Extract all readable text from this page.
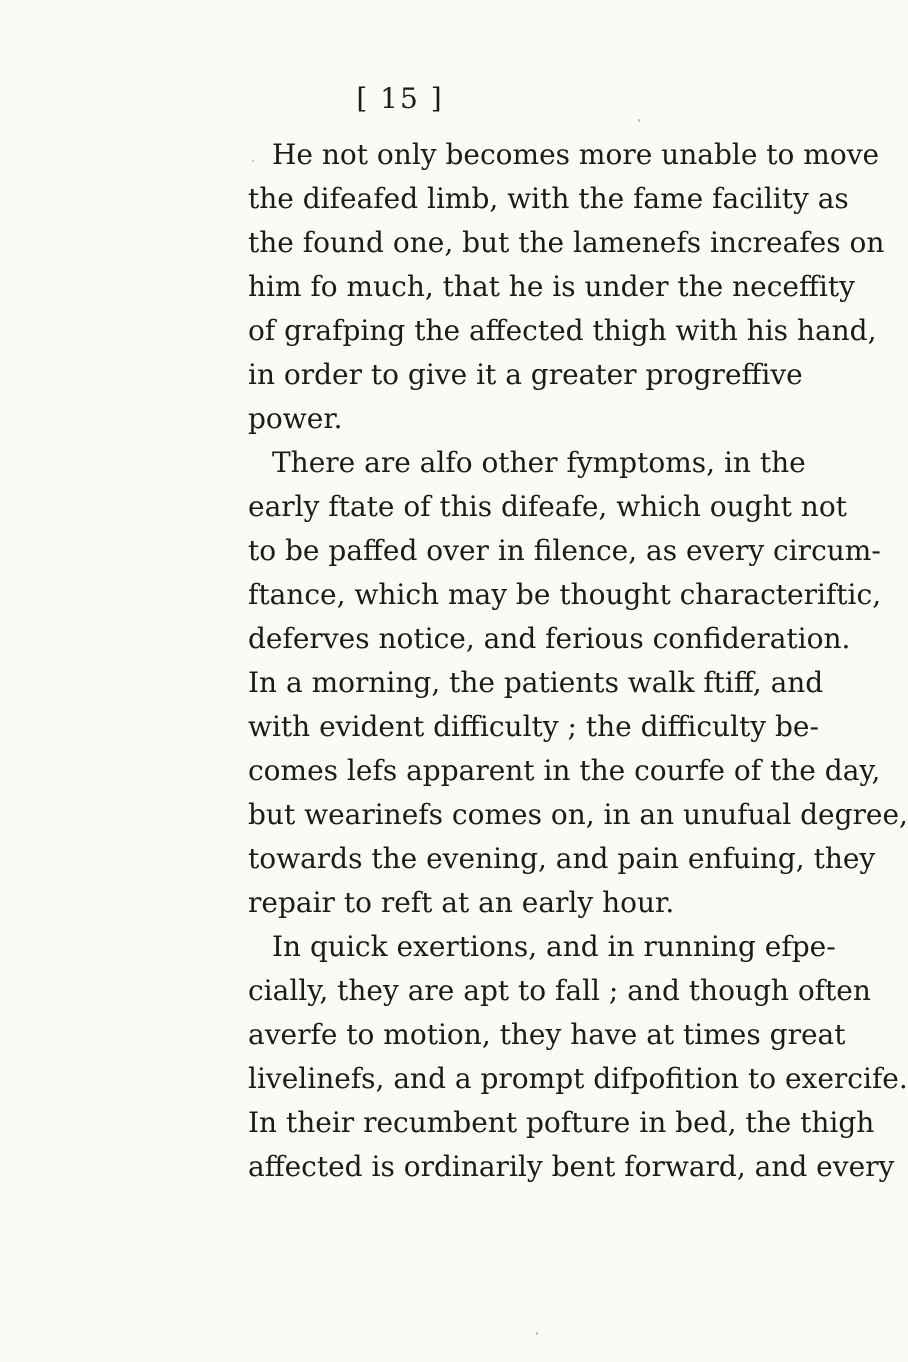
[ 15 ]
He not only becomes more unable to move
the difeafed limb, with the fame facility as
the found one, but the lamenefs increafes on
him fo much, that he is under the neceffity
of grafping the affected thigh with his hand,
in order to give it a greater progreffive
power.
There are alfo other fymptoms, in the
early ftate of this difeafe, which ought not
to be paffed over in filence, as every circum-
ftance, which may be thought characteriftic,
deferves notice, and ferious confideration.
In a morning, the patients walk ftiff, and
with evident difficulty ; the difficulty be-
comes lefs apparent in the courfe of the day,
but wearinefs comes on, in an unufual degree,
towards the evening, and pain enfuing, they
repair to reft at an early hour.
In quick exertions, and in running efpe-
cially, they are apt to fall ; and though often
averfe to motion, they have at times great
livelinefs, and a prompt difpofition to exercife.
In their recumbent pofture in bed, the thigh
affected is ordinarily bent forward, and every
